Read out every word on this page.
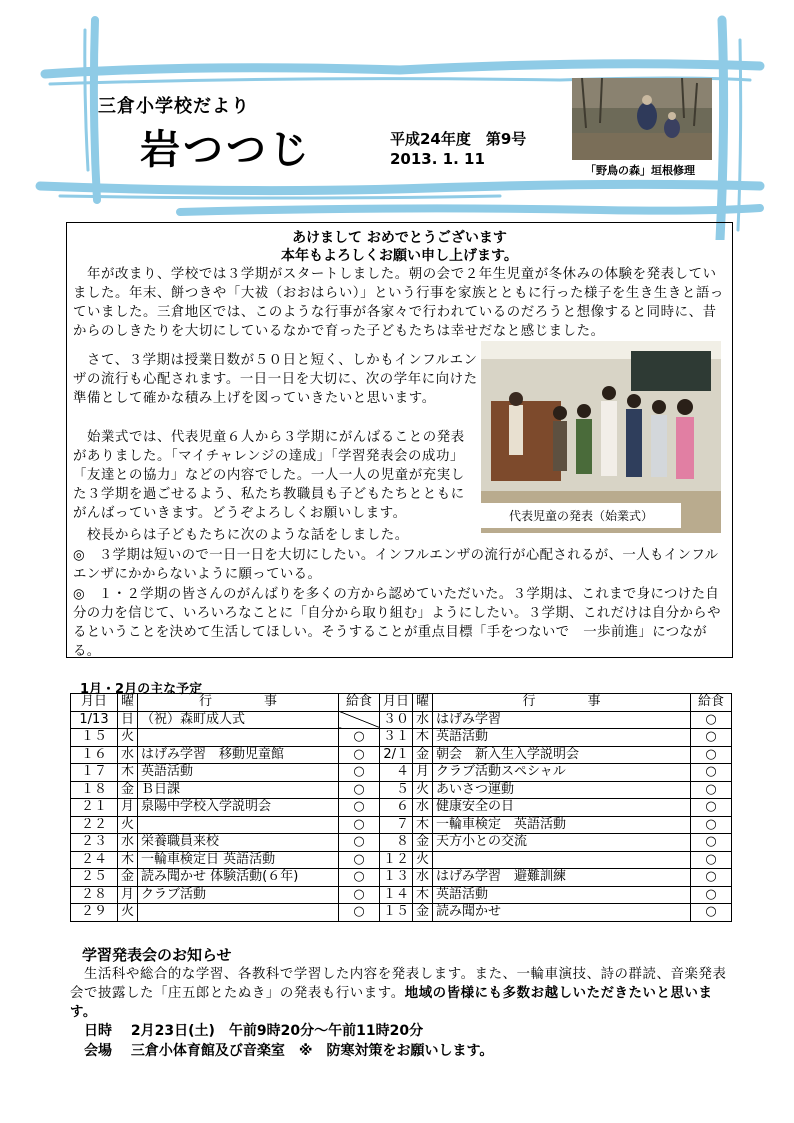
三倉小学校だより
岩つつじ	平成24年度　第9号
2013. 1. 11
「野鳥の森」垣根修理
あけまして おめでとうございます
本年もよろしくお願い申し上げます。
　年が改まり、学校では３学期がスタートしました。朝の会で２年生児童が冬休みの体験を発表していました。年末、餅つきや「大祓（おおはらい）」という行事を家族とともに行った様子を生き生きと語っていました。三倉地区では、このような行事が各家々で行われているのだろうと想像すると同時に、昔からのしきたりを大切にしているなかで育った子どもたちは幸せだなと感じました。
　さて、３学期は授業日数が５０日と短く、しかもインフルエンザの流行も心配されます。一日一日を大切に、次の学年に向けた準備として確かな積み上げを図っていきたいと思います。
　始業式では、代表児童６人から３学期にがんばることの発表がありました。「マイチャレンジの達成」「学習発表会の成功」「友達との協力」などの内容でした。一人一人の児童が充実した３学期を過ごせるよう、私たち教職員も子どもたちとともにがんばっていきます。どうぞよろしくお願いします。
　校長からは子どもたちに次のような話をしました。
◎　３学期は短いので一日一日を大切にしたい。インフルエンザの流行が心配されるが、一人もインフルエンザにかからないように願っている。
◎　１・２学期の皆さんのがんばりを多くの方から認めていただいた。３学期は、これまで身につけた自分の力を信じて、いろいろなことに「自分から取り組む」ようにしたい。３学期、これだけは自分からやるということを決めて生活してほしい。そうすることが重点目標「手をつないで　一歩前進」につながる。
代表児童の発表（始業式）
1月・2月の主な予定
月日	曜	行　　　　事	給食	月日	曜	行　　　　事	給食
1/13	日	（祝）森町成人式		３０	水	はげみ学習	○
１５	火		○	３１	木	英語活動	○
１６	水	はげみ学習　移動児童館	○	2/１	金	朝会　新入生入学説明会	○
１７	木	英語活動	○	４	月	クラブ活動スペシャル	○
１８	金	Ｂ日課	○	５	火	あいさつ運動	○
２１	月	泉陽中学校入学説明会	○	６	水	健康安全の日	○
２２	火		○	７	木	一輪車検定　英語活動	○
２３	水	栄養職員来校	○	８	金	天方小との交流	○
２４	木	一輪車検定日 英語活動	○	１２	火		○
２５	金	読み聞かせ 体験活動(６年)	○	１３	水	はげみ学習　避難訓練	○
２８	月	クラブ活動	○	１４	木	英語活動	○
２９	火		○	１５	金	読み聞かせ	○
学習発表会のお知らせ
　生活科や総合的な学習、各教科で学習した内容を発表します。また、一輪車演技、詩の群読、音楽発表会で披露した「庄五郎とたぬき」の発表も行います。地域の皆様にも多数お越しいただきたいと思います。
日時　 2月23日(土)　午前9時20分～午前11時20分
会場　 三倉小体育館及び音楽室　※　防寒対策をお願いします。
